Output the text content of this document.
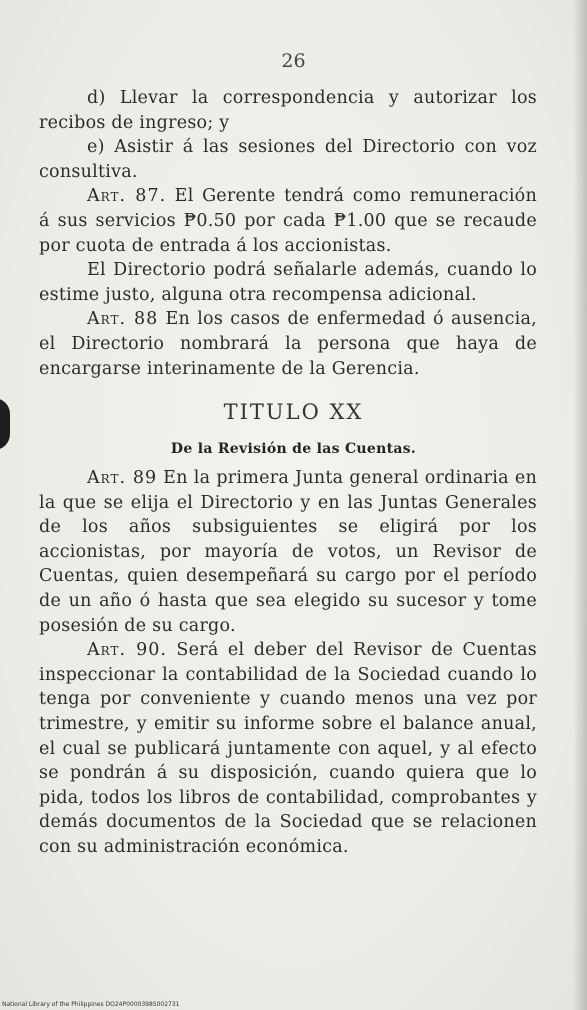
26

d) Llevar la correspondencia y autorizar los recibos de ingreso; y

e) Asistir á las sesiones del Directorio con voz consultiva.

Art. 87. El Gerente tendrá como remuneración á sus servicios ₱0.50 por cada ₱1.00 que se recaude por cuota de entrada á los accionistas.

El Directorio podrá señalarle además, cuando lo estime justo, alguna otra recompensa adicional.

Art. 88 En los casos de enfermedad ó ausencia, el Directorio nombrará la persona que haya de encargarse interinamente de la Gerencia.

TITULO XX
De la Revisión de las Cuentas.

Art. 89 En la primera Junta general ordinaria en la que se elija el Directorio y en las Juntas Generales de los años subsiguientes se eligirá por los accionistas, por mayoría de votos, un Revisor de Cuentas, quien desempeñará su cargo por el período de un año ó hasta que sea elegido su sucesor y tome posesión de su cargo.

Art. 90. Será el deber del Revisor de Cuentas inspeccionar la contabilidad de la Sociedad cuando lo tenga por conveniente y cuando menos una vez por trimestre, y emitir su informe sobre el balance anual, el cual se publicará juntamente con aquel, y al efecto se pondrán á su disposición, cuando quiera que lo pida, todos los libros de contabilidad, comprobantes y demás documentos de la Sociedad que se relacionen con su administración económica.

National Library of the Philippines DO24P0000398S002731
